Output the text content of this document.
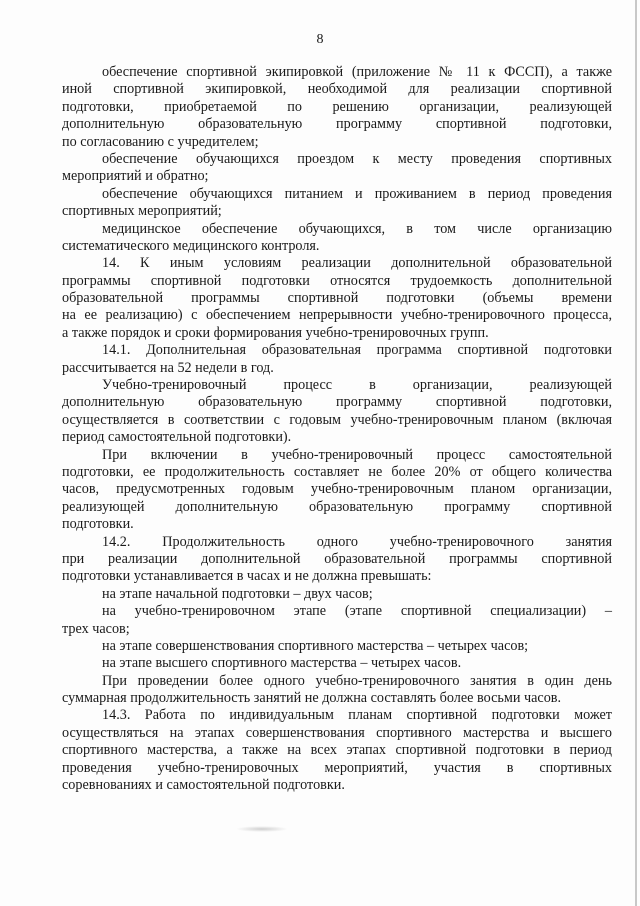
8
обеспечение спортивной экипировкой (приложение № 11 к ФССП), а также
иной спортивной экипировкой, необходимой для реализации спортивной
подготовки, приобретаемой по решению организации, реализующей
дополнительную образовательную программу спортивной подготовки,
по согласованию с учредителем;
обеспечение обучающихся проездом к месту проведения спортивных
мероприятий и обратно;
обеспечение обучающихся питанием и проживанием в период проведения
спортивных мероприятий;
медицинское обеспечение обучающихся, в том числе организацию
систематического медицинского контроля.
14. К иным условиям реализации дополнительной образовательной
программы спортивной подготовки относятся трудоемкость дополнительной
образовательной программы спортивной подготовки (объемы времени
на ее реализацию) с обеспечением непрерывности учебно-тренировочного процесса,
а также порядок и сроки формирования учебно-тренировочных групп.
14.1. Дополнительная образовательная программа спортивной подготовки
рассчитывается на 52 недели в год.
Учебно-тренировочный процесс в организации, реализующей
дополнительную образовательную программу спортивной подготовки,
осуществляется в соответствии с годовым учебно-тренировочным планом (включая
период самостоятельной подготовки).
При включении в учебно-тренировочный процесс самостоятельной
подготовки, ее продолжительность составляет не более 20% от общего количества
часов, предусмотренных годовым учебно-тренировочным планом организации,
реализующей дополнительную образовательную программу спортивной
подготовки.
14.2. Продолжительность одного учебно-тренировочного занятия
при реализации дополнительной образовательной программы спортивной
подготовки устанавливается в часах и не должна превышать:
на этапе начальной подготовки – двух часов;
на учебно-тренировочном этапе (этапе спортивной специализации) –
трех часов;
на этапе совершенствования спортивного мастерства – четырех часов;
на этапе высшего спортивного мастерства – четырех часов.
При проведении более одного учебно-тренировочного занятия в один день
суммарная продолжительность занятий не должна составлять более восьми часов.
14.3. Работа по индивидуальным планам спортивной подготовки может
осуществляться на этапах совершенствования спортивного мастерства и высшего
спортивного мастерства, а также на всех этапах спортивной подготовки в период
проведения учебно-тренировочных мероприятий, участия в спортивных
соревнованиях и самостоятельной подготовки.
